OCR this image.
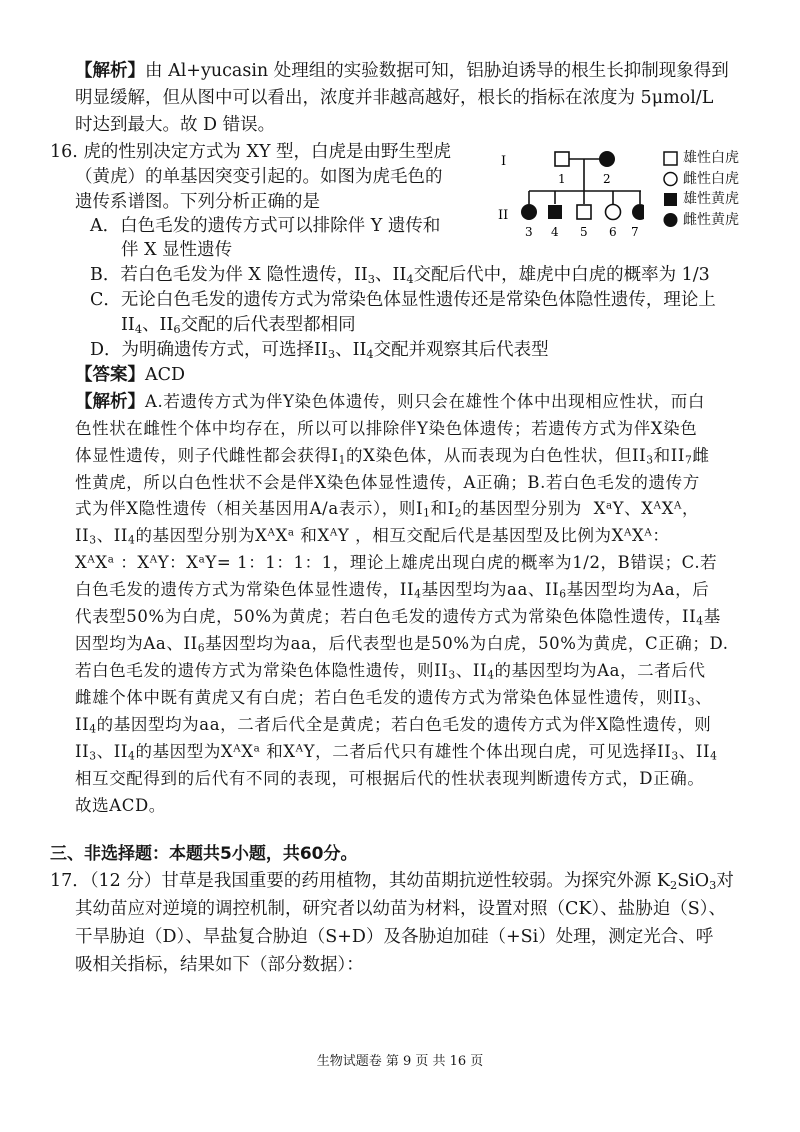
【解析】由 Al+yucasin 处理组的实验数据可知，铝胁迫诱导的根生长抑制现象得到
明显缓解，但从图中可以看出，浓度并非越高越好，根长的指标在浓度为 5μmol/L
时达到最大。故 D 错误。
16. 虎的性别决定方式为 XY 型，白虎是由野生型虎
（黄虎）的单基因突变引起的。如图为虎毛色的
遗传系谱图。下列分析正确的是
I
II
1	2
3 4 5 6 7
雄性白虎
雌性白虎
雄性黄虎
雌性黄虎
A．白色毛发的遗传方式可以排除伴 Y 遗传和
伴 X 显性遗传
B．若白色毛发为伴 X 隐性遗传，$II_3$、$II_4$交配后代中，雄虎中白虎的概率为 1/3
C．无论白色毛发的遗传方式为常染色体显性遗传还是常染色体隐性遗传，理论上
$II_4$、$II_6$交配的后代表型都相同
D．为明确遗传方式，可选择$II_3$、$II_4$交配并观察其后代表型
【答案】ACD
【解析】A.若遗传方式为伴Y染色体遗传，则只会在雄性个体中出现相应性状，而白
色性状在雌性个体中均存在，所以可以排除伴Y染色体遗传；若遗传方式为伴X染色
体显性遗传，则子代雌性都会获得$I_1$的X染色体，从而表现为白色性状，但$II_3$和$II_7$雌
性黄虎，所以白色性状不会是伴X染色体显性遗传，A正确；B.若白色毛发的遗传方
式为伴X隐性遗传（相关基因用A/a表示），则$I_1$和$I_2$的基因型分别为  $X^aY$、$X^AX^A$，
$II_3$、$II_4$的基因型分别为$X^AX^a$ 和$X^AY$ ，相互交配后代是基因型及比例为$X^AX^A$：
$X^AX^a$ ：$X^AY$：$X^aY= 1$：1：1：1，理论上雄虎出现白虎的概率为1/2，B错误；C.若
白色毛发的遗传方式为常染色体显性遗传，$II_4$基因型均为aa、$II_6$基因型均为Aa，后
代表型50%为白虎，50%为黄虎；若白色毛发的遗传方式为常染色体隐性遗传，$II_4$基
因型均为Aa、$II_6$基因型均为aa，后代表型也是50%为白虎，50%为黄虎，C正确；D.
若白色毛发的遗传方式为常染色体隐性遗传，则$II_3$、$II_4$的基因型均为Aa，二者后代
雌雄个体中既有黄虎又有白虎；若白色毛发的遗传方式为常染色体显性遗传，则$II_3$、
$II_4$的基因型均为aa，二者后代全是黄虎；若白色毛发的遗传方式为伴X隐性遗传，则
$II_3$、$II_4$的基因型为$X^AX^a$ 和$X^AY$，二者后代只有雄性个体出现白虎，可见选择$II_3$、$II_4$
相互交配得到的后代有不同的表现，可根据后代的性状表现判断遗传方式，D正确。
故选ACD。
三、非选择题：本题共5小题，共60分。
17．（12 分）甘草是我国重要的药用植物，其幼苗期抗逆性较弱。为探究外源 $K_2SiO_3$对
其幼苗应对逆境的调控机制，研究者以幼苗为材料，设置对照（CK）、盐胁迫（S）、
干旱胁迫（D）、旱盐复合胁迫（S+D）及各胁迫加硅（+Si）处理，测定光合、呼
吸相关指标，结果如下（部分数据）：
生物试题卷 第 9 页 共 16 页
